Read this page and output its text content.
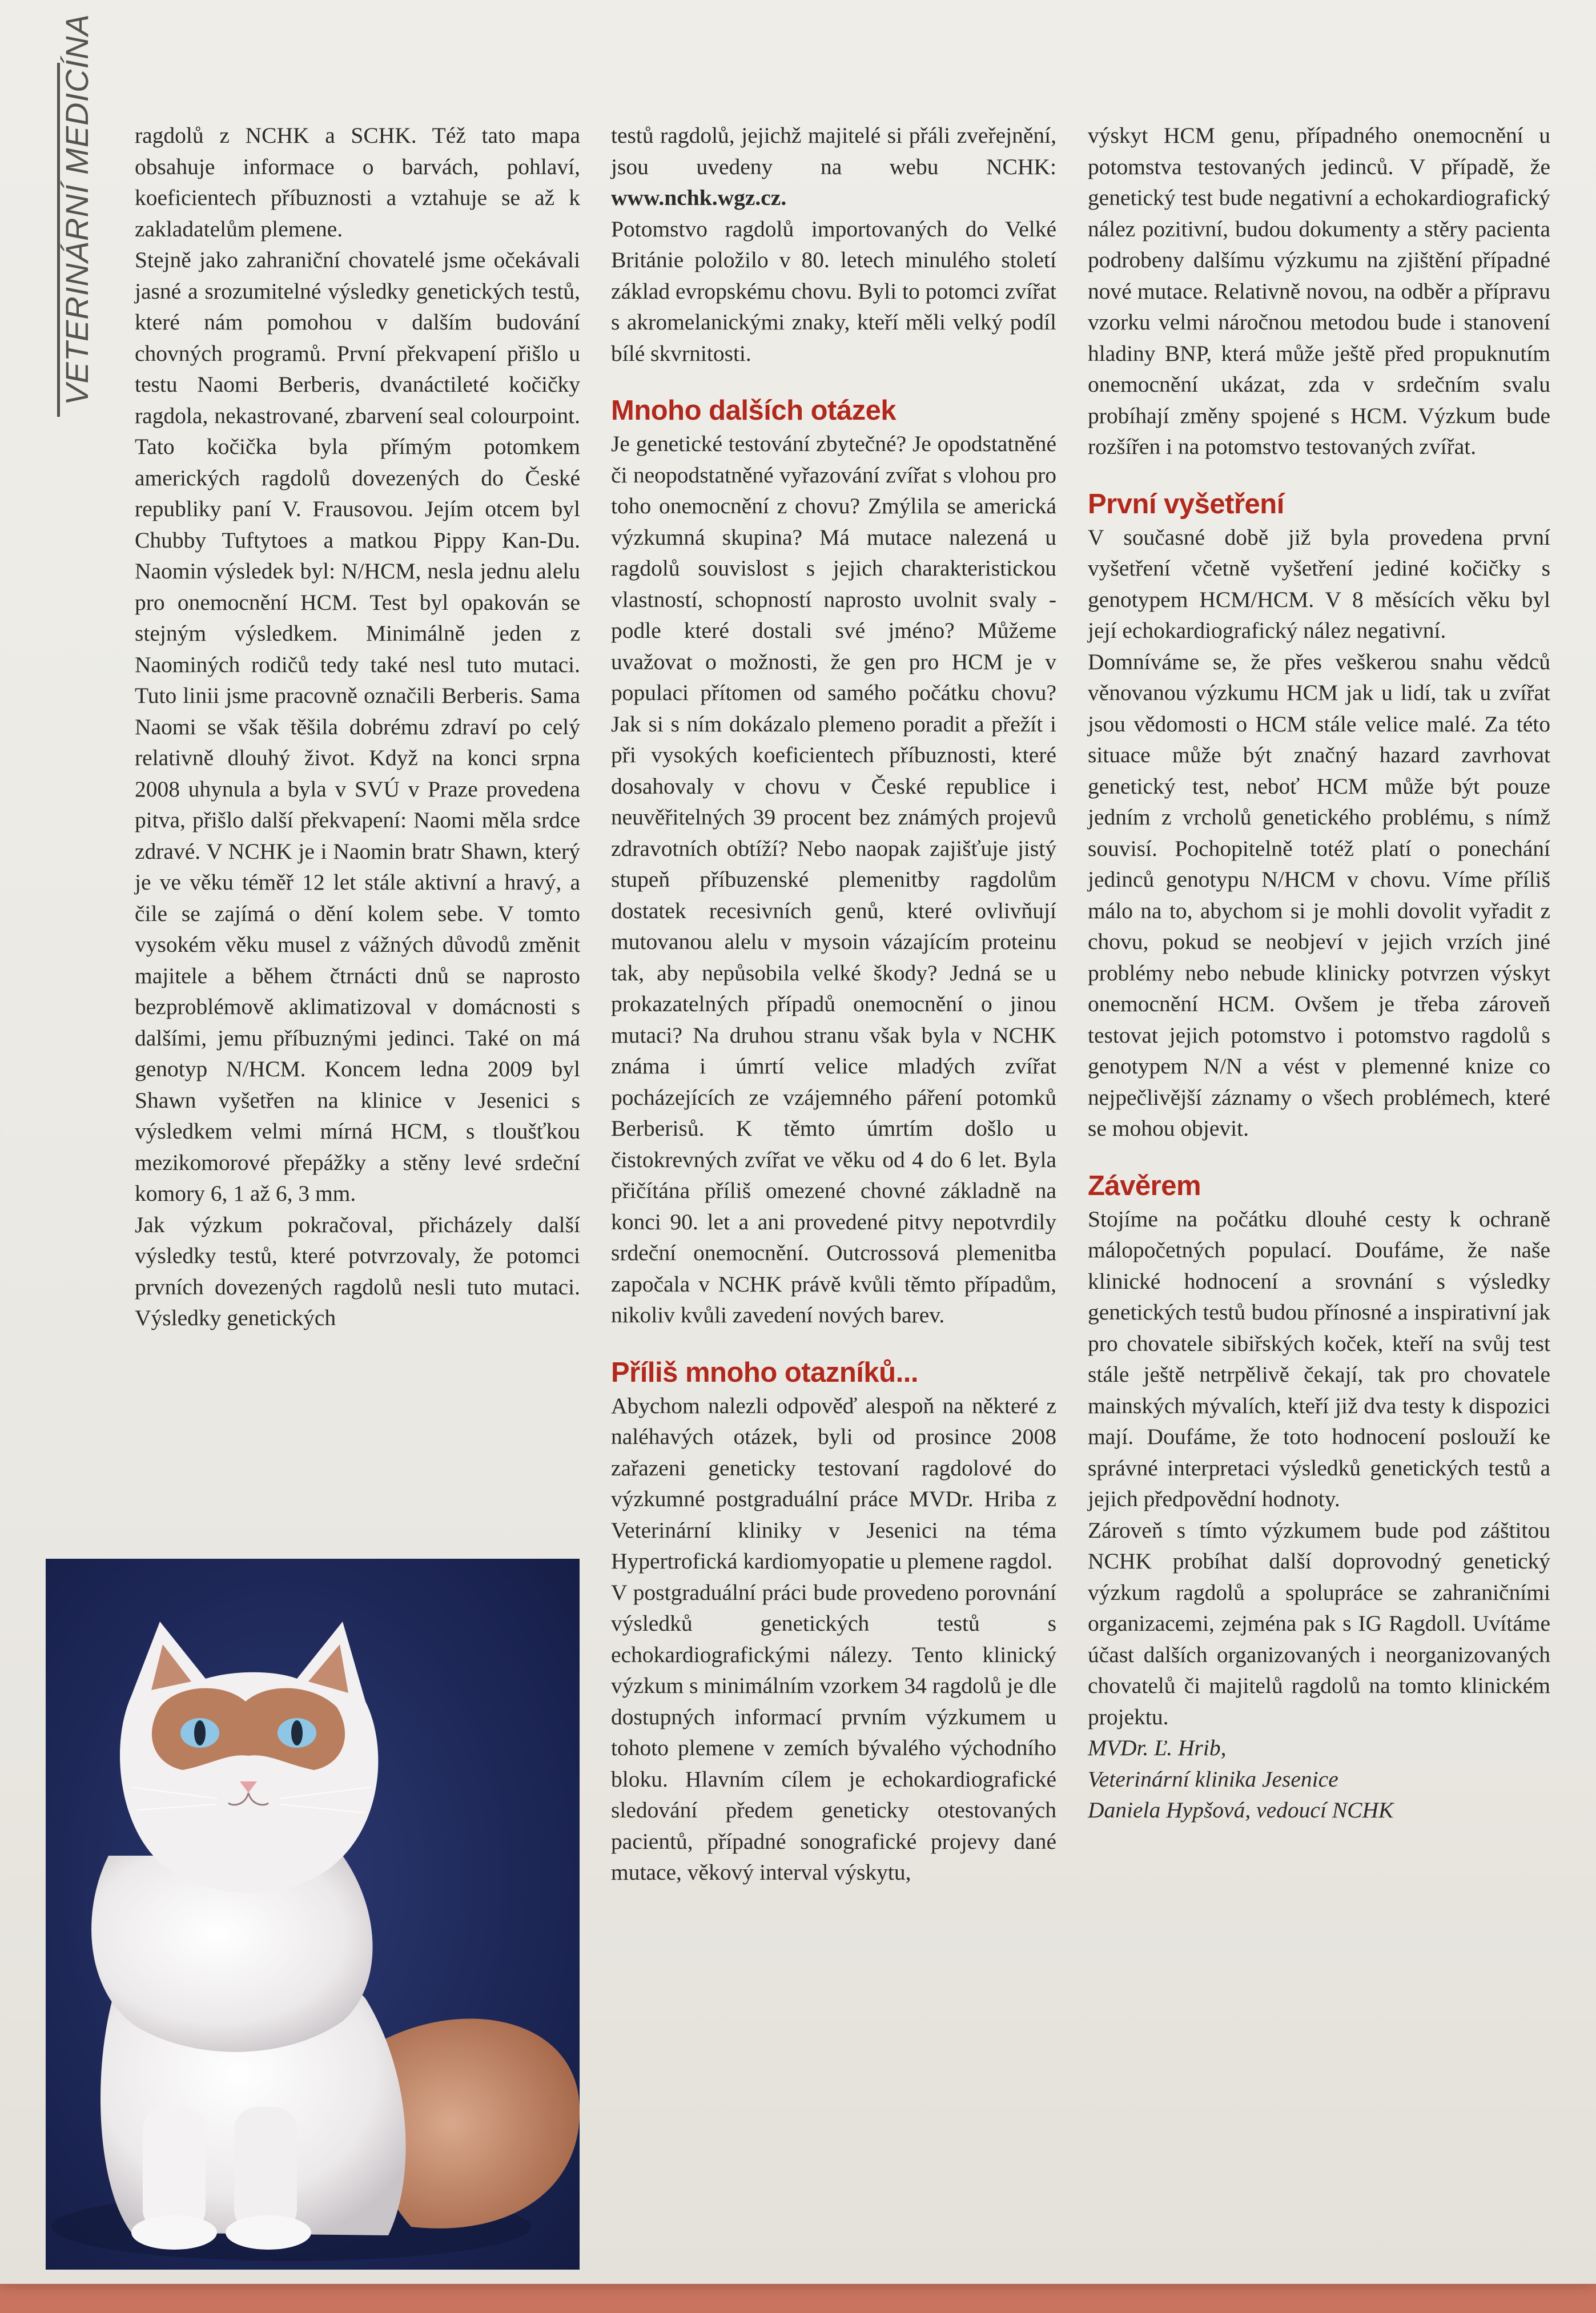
VETERINÁRNÍ MEDICÍNA ragdolů z NCHK a SCHK. Též tato mapa obsahuje informace o barvách, pohlaví, koeficientech příbuznosti a vztahuje se až k zakladatelům plemene.

Stejně jako zahraniční chovatelé jsme očekávali jasné a srozumitelné výsledky genetických testů, které nám pomohou v dalším budování chovných programů. První překvapení přišlo u testu Naomi Berberis, dvanáctileté kočičky ragdola, nekastrované, zbarvení seal colourpoint. Tato kočička byla přímým potomkem amerických ragdolů dovezených do České republiky paní V. Frausovou. Jejím otcem byl Chubby Tuftytoes a matkou Pippy Kan-Du. Naomin výsledek byl: N/HCM, nesla jednu alelu pro onemocnění HCM. Test byl opakován se stejným výsledkem. Minimálně jeden z Naominých rodičů tedy také nesl tuto mutaci. Tuto linii jsme pracovně označili Berberis. Sama Naomi se však těšila dobrému zdraví po celý relativně dlouhý život. Když na konci srpna 2008 uhynula a byla v SVÚ v Praze provedena pitva, přišlo další překvapení: Naomi měla srdce zdravé. V NCHK je i Naomin bratr Shawn, který je ve věku téměř 12 let stále aktivní a hravý, a čile se zajímá o dění kolem sebe. V tomto vysokém věku musel z vážných důvodů změnit majitele a během čtrnácti dnů se naprosto bezproblémově aklimatizoval v domácnosti s dalšími, jemu příbuznými jedinci. Také on má genotyp N/HCM. Koncem ledna 2009 byl Shawn vyšetřen na klinice v Jesenici s výsledkem velmi mírná HCM, s tloušťkou mezikomorové přepážky a stěny levé srdeční komory 6, 1 až 6, 3 mm.

Jak výzkum pokračoval, přicházely další výsledky testů, které potvrzovaly, že potomci prvních dovezených ragdolů nesli tuto mutaci. Výsledky genetických

testů ragdolů, jejichž majitelé si přáli zveřejnění, jsou uvedeny na webu NCHK: www.nchk.wgz.cz.

Potomstvo ragdolů importovaných do Velké Británie položilo v 80. letech minulého století základ evropskému chovu. Byli to potomci zvířat s akromelanickými znaky, kteří měli velký podíl bílé skvrnitosti.

Mnoho dalších otázek

Je genetické testování zbytečné? Je opodstatněné či neopodstatněné vyřazování zvířat s vlohou pro toho onemocnění z chovu? Zmýlila se americká výzkumná skupina? Má mutace nalezená u ragdolů souvislost s jejich charakteristickou vlastností, schopností naprosto uvolnit svaly - podle které dostali své jméno? Můžeme uvažovat o možnosti, že gen pro HCM je v populaci přítomen od samého počátku chovu? Jak si s ním dokázalo plemeno poradit a přežít i při vysokých koeficientech příbuznosti, které dosahovaly v chovu v České republice i neuvěřitelných 39 procent bez známých projevů zdravotních obtíží? Nebo naopak zajišťuje jistý stupeň příbuzenské plemenitby ragdolům dostatek recesivních genů, které ovlivňují mutovanou alelu v mysoin vázajícím proteinu tak, aby nepůsobila velké škody? Jedná se u prokazatelných případů onemocnění o jinou mutaci? Na druhou stranu však byla v NCHK známa i úmrtí velice mladých zvířat pocházejících ze vzájemného páření potomků Berberisů. K těmto úmrtím došlo u čistokrevných zvířat ve věku od 4 do 6 let. Byla přičítána příliš omezené chovné základně na konci 90. let a ani provedené pitvy nepotvrdily srdeční onemocnění. Outcrossová plemenitba započala v NCHK právě kvůli těmto případům, nikoliv kvůli zavedení nových barev.

Příliš mnoho otazníků...

Abychom nalezli odpověď alespoň na některé z naléhavých otázek, byli od prosince 2008 zařazeni geneticky testovaní ragdolové do výzkumné postgraduální práce MVDr. Hriba z Veterinární kliniky v Jesenici na téma Hypertrofická kardiomyopatie u plemene ragdol.

V postgraduální práci bude provedeno porovnání výsledků genetických testů s echokardiografickými nálezy. Tento klinický výzkum s minimálním vzorkem 34 ragdolů je dle dostupných informací prvním výzkumem u tohoto plemene v zemích bývalého východního bloku. Hlavním cílem je echokardiografické sledování předem geneticky otestovaných pacientů, případné sonografické projevy dané mutace, věkový interval výskytu,

výskyt HCM genu, případného onemocnění u potomstva testovaných jedinců. V případě, že genetický test bude negativní a echokardiografický nález pozitivní, budou dokumenty a stěry pacienta podrobeny dalšímu výzkumu na zjištění případné nové mutace. Relativně novou, na odběr a přípravu vzorku velmi náročnou metodou bude i stanovení hladiny BNP, která může ještě před propuknutím onemocnění ukázat, zda v srdečním svalu probíhají změny spojené s HCM. Výzkum bude rozšířen i na potomstvo testovaných zvířat.

První vyšetření

V současné době již byla provedena první vyšetření včetně vyšetření jediné kočičky s genotypem HCM/HCM. V 8 měsících věku byl její echokardiografický nález negativní.

Domníváme se, že přes veškerou snahu vědců věnovanou výzkumu HCM jak u lidí, tak u zvířat jsou vědomosti o HCM stále velice malé. Za této situace může být značný hazard zavrhovat genetický test, neboť HCM může být pouze jedním z vrcholů genetického problému, s nímž souvisí. Pochopitelně totéž platí o ponechání jedinců genotypu N/HCM v chovu. Víme příliš málo na to, abychom si je mohli dovolit vyřadit z chovu, pokud se neobjeví v jejich vrzích jiné problémy nebo nebude klinicky potvrzen výskyt onemocnění HCM. Ovšem je třeba zároveň testovat jejich potomstvo i potomstvo ragdolů s genotypem N/N a vést v plemenné knize co nejpečlivější záznamy o všech problémech, které se mohou objevit.

Závěrem

Stojíme na počátku dlouhé cesty k ochraně málopočetných populací. Doufáme, že naše klinické hodnocení a srovnání s výsledky genetických testů budou přínosné a inspirativní jak pro chovatele sibiřských koček, kteří na svůj test stále ještě netrpělivě čekají, tak pro chovatele mainských mývalích, kteří již dva testy k dispozici mají. Doufáme, že toto hodnocení poslouží ke správné interpretaci výsledků genetických testů a jejich předpovědní hodnoty.

Zároveň s tímto výzkumem bude pod záštitou NCHK probíhat další doprovodný genetický výzkum ragdolů a spolupráce se zahraničními organizacemi, zejména pak s IG Ragdoll. Uvítáme účast dalších organizovaných i neorganizovaných chovatelů či majitelů ragdolů na tomto klinickém projektu.

MVDr. Ľ. Hrib,

Veterinární klinika Jesenice

Daniela Hypšová, vedoucí NCHK
